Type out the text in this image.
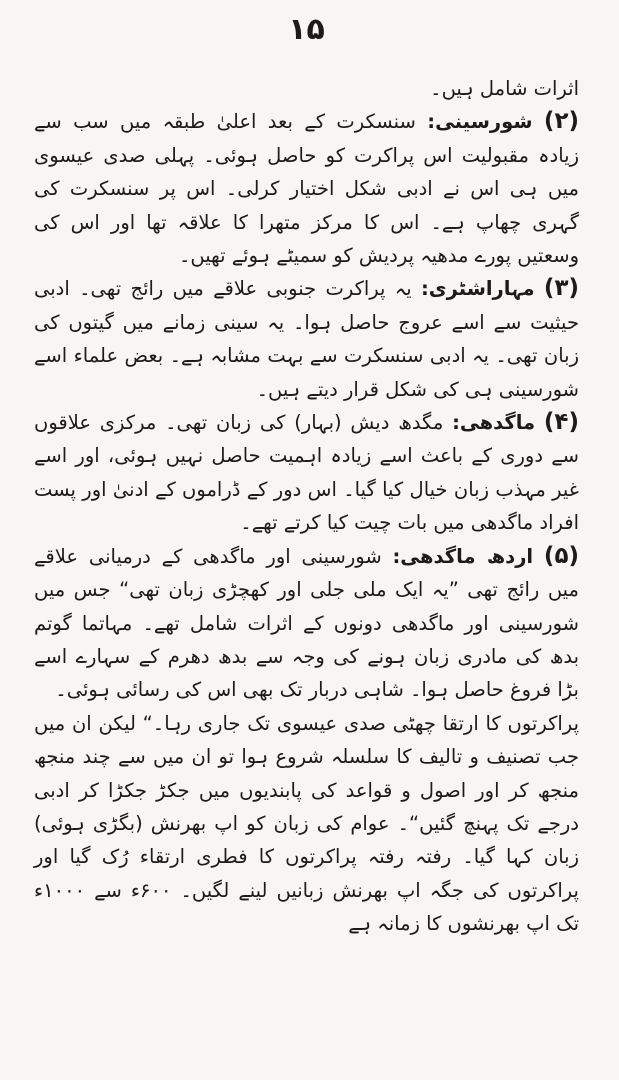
۱۵

اثرات شامل ہیں۔

(۲) شورسینی: سنسکرت کے بعد اعلیٰ طبقہ میں سب سے زیادہ مقبولیت اس پراکرت کو حاصل ہوئی۔ پہلی صدی عیسوی میں ہی اس نے ادبی شکل اختیار کرلی۔ اس پر سنسکرت کی گہری چھاپ ہے۔ اس کا مرکز متھرا کا علاقہ تھا اور اس کی وسعتیں پورے مدھیہ پردیش کو سمیٹے ہوئے تھیں۔

(۳) مہاراشٹری: یہ پراکرت جنوبی علاقے میں رائج تھی۔ ادبی حیثیت سے اسے عروج حاصل ہوا۔ یہ سینی زمانے میں گیتوں کی زبان تھی۔ یہ ادبی سنسکرت سے بہت مشابہ ہے۔ بعض علماء اسے شورسینی ہی کی شکل قرار دیتے ہیں۔

(۴) ماگدھی: مگدھ دیش (بہار) کی زبان تھی۔ مرکزی علاقوں سے دوری کے باعث اسے زیادہ اہمیت حاصل نہیں ہوئی، اور اسے غیر مہذب زبان خیال کیا گیا۔ اس دور کے ڈراموں کے ادنیٰ اور پست افراد ماگدھی میں بات چیت کیا کرتے تھے۔

(۵) اردھ ماگدھی: شورسینی اور ماگدھی کے درمیانی علاقے میں رائج تھی ”یہ ایک ملی جلی اور کھچڑی زبان تھی“ جس میں شورسینی اور ماگدھی دونوں کے اثرات شامل تھے۔ مہاتما گوتم بدھ کی مادری زبان ہونے کی وجہ سے بدھ دھرم کے سہارے اسے بڑا فروغ حاصل ہوا۔ شاہی دربار تک بھی اس کی رسائی ہوئی۔

پراکرتوں کا ارتقا چھٹی صدی عیسوی تک جاری رہا۔“ لیکن ان میں جب تصنیف و تالیف کا سلسلہ شروع ہوا تو ان میں سے چند منجھ منجھ کر اور اصول و قواعد کی پابندیوں میں جکڑ جکڑا کر ادبی درجے تک پہنچ گئیں“۔ عوام کی زبان کو اپ بھرنش (بگڑی ہوئی) زبان کہا گیا۔ رفتہ رفتہ پراکرتوں کا فطری ارتقاء رُک گیا اور پراکرتوں کی جگہ اپ بھرنش زبانیں لینے لگیں۔ ۶۰۰ء سے ۱۰۰۰ء تک اپ بھرنشوں کا زمانہ ہے
